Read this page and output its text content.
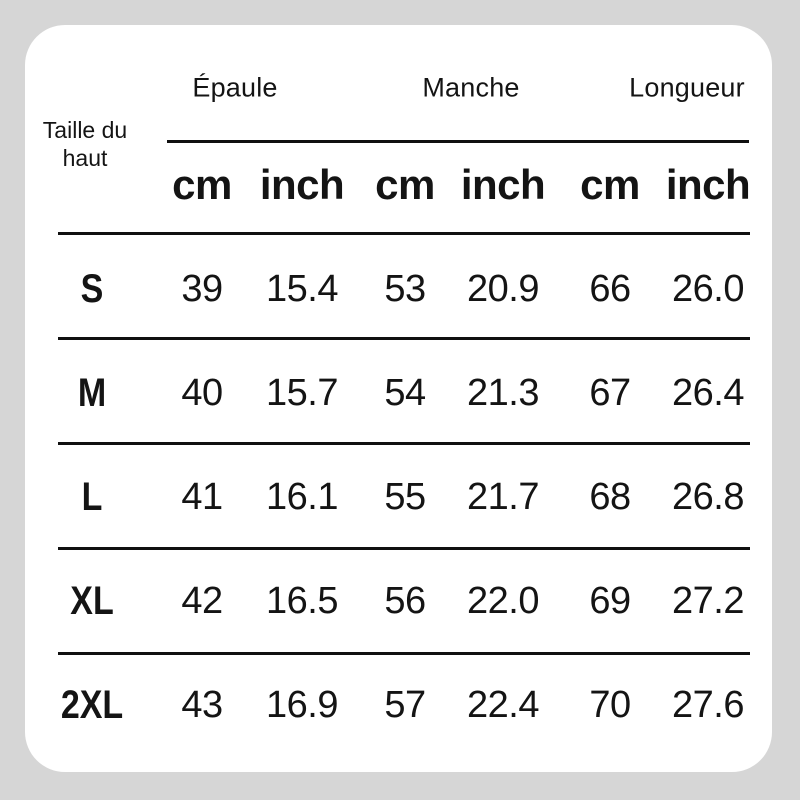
Taille du
haut
Épaule	Manche	Longueur
cm inch cm inch cm inch
S 39 15.4 53 20.9 66 26.0
M 40 15.7 54 21.3 67 26.4
L 41 16.1 55 21.7 68 26.8
XL 42 16.5 56 22.0 69 27.2
2XL 43 16.9 57 22.4 70 27.6
